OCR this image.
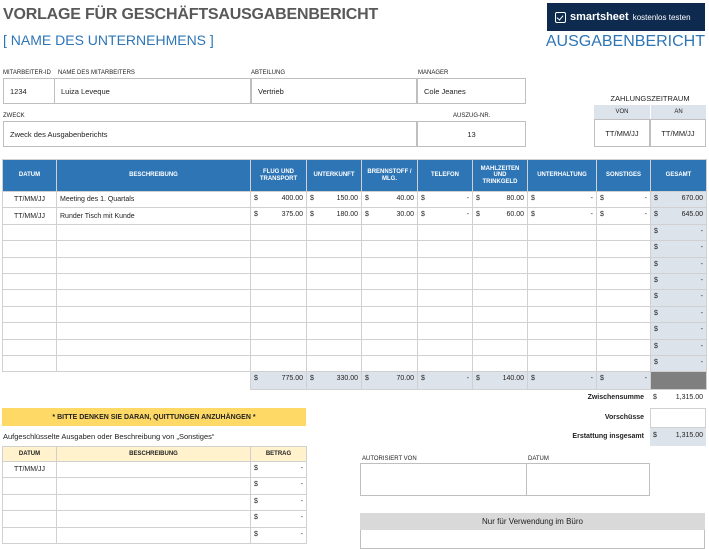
VORLAGE FÜR GESCHÄFTSAUSGABENBERICHT
[ NAME DES UNTERNEHMENS ]
smartsheet kostenlos testen
AUSGABENBERICHT
MITARBEITER-ID NAME DES MITARBEITERS	ABTEILUNG	MANAGER
1234	Luiza Leveque	Vertrieb	Cole Jeanes
ZWECK	AUSZUG-NR.
Zweck des Ausgabenberichts	13
ZAHLUNGSZEITRAUM
VON	AN
TT/MM/JJ	TT/MM/JJ
DATUM	BESCHREIBUNG	FLUG UND TRANSPORT	UNTERKUNFT	BRENNSTOFF / MLG.	TELEFON	MAHLZEITEN UND TRINKGELD	UNTERHALTUNG	SONSTIGES	GESAMT
TT/MM/JJ	Meeting des 1. Quartals	$ 400.00	$ 150.00	$ 40.00	$ -	$ 80.00	$ -	$ -	$ 670.00

TT/MM/JJ	Runder Tisch mit Kunde	$ 375.00	$ 180.00	$ 30.00	$ -	$ 60.00	$ -	$ -	$ 645.00

									$ -

									$ -

									$ -

									$ -

									$ -

									$ -

									$ -

									$ -

									$ -

		$ 775.00	$ 330.00	$ 70.00	$ -	$ 140.00	$ -	$ -	

Zwischensumme $	1,315.00
Vorschüsse
Erstattung insgesamt $	1,315.00
* BITTE DENKEN SIE DARAN, QUITTUNGEN ANZUHÄNGEN *
Aufgeschlüsselte Ausgaben oder Beschreibung von „Sonstiges“
DATUM	BESCHREIBUNG	BETRAG
TT/MM/JJ		$ -

		$ -

		$ -

		$ -

		$ -
AUTORISIERT VON	DATUM
Nur für Verwendung im Büro
